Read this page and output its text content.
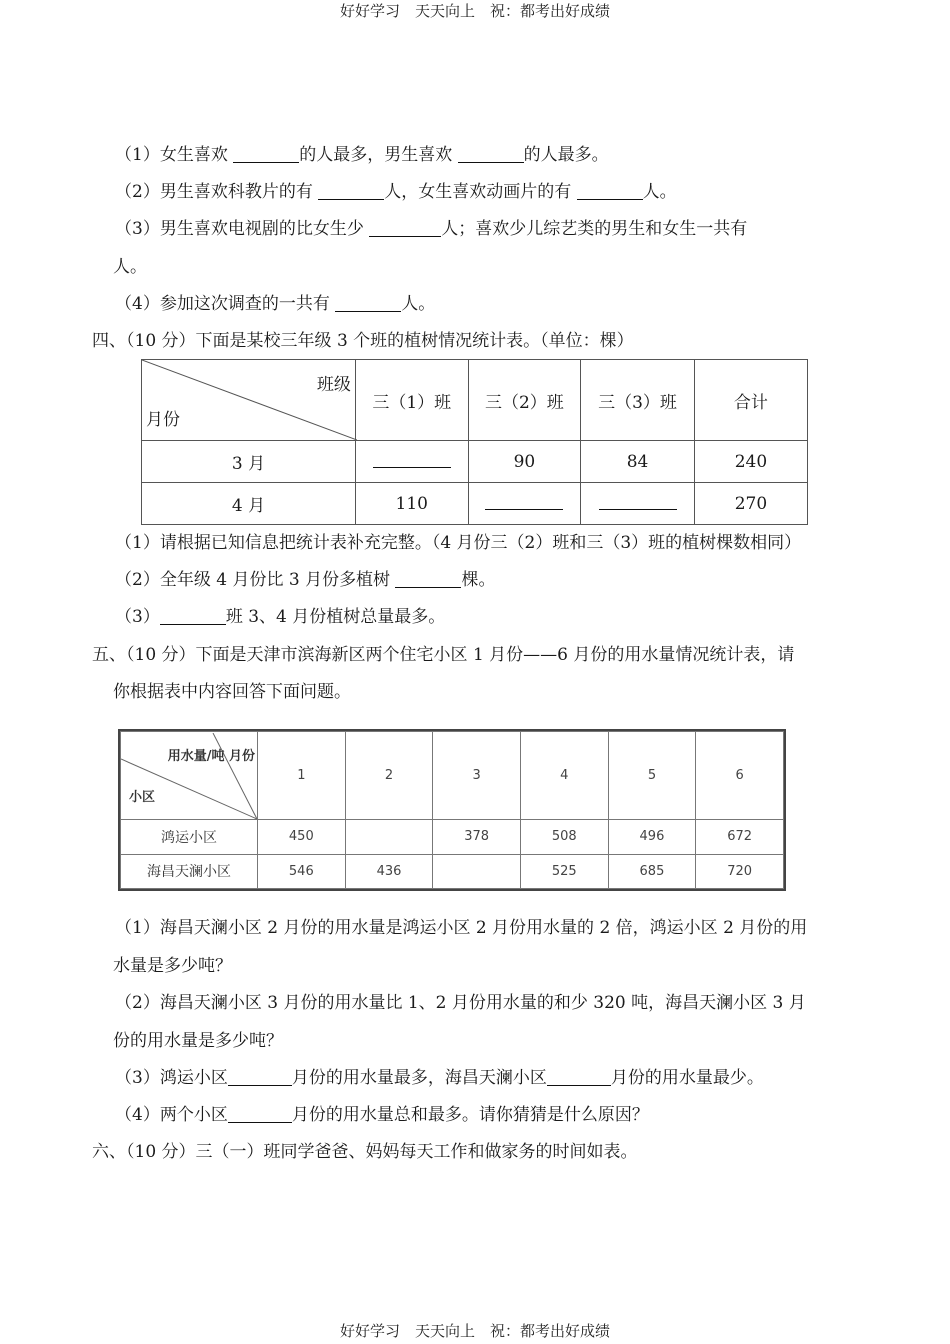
好好学习　天天向上　祝：都考出好成绩
（1）女生喜欢	的人最多，男生喜欢	的人最多。
（2）男生喜欢科教片的有	人，女生喜欢动画片的有	人。
（3）男生喜欢电视剧的比女生少	人；喜欢少儿综艺类的男生和女生一共有
人。
（4）参加这次调查的一共有	人。
四、（10 分）下面是某校三年级 3 个班的植树情况统计表。（单位：棵）
班级
月份	三（1）班	三（2）班	三（3）班	合计
3 月		90	84	240
4 月	110			270
（1）请根据已知信息把统计表补充完整。（4 月份三（2）班和三（3）班的植树棵数相同）
（2）全年级 4 月份比 3 月份多植树	棵。
（3）	班 3、4 月份植树总量最多。
五、（10 分）下面是天津市滨海新区两个住宅小区 1 月份——6 月份的用水量情况统计表，请
你根据表中内容回答下面问题。
用水量/吨 月份
小区	1	2	3	4	5	6
鸿运小区	450		378	508	496	672
海昌天澜小区	546	436		525	685	720
（1）海昌天澜小区 2 月份的用水量是鸿运小区 2 月份用水量的 2 倍，鸿运小区 2 月份的用
水量是多少吨？
（2）海昌天澜小区 3 月份的用水量比 1、2 月份用水量的和少 320 吨，海昌天澜小区 3 月
份的用水量是多少吨？
（3）鸿运小区	月份的用水量最多，海昌天澜小区	月份的用水量最少。
（4）两个小区	月份的用水量总和最多。请你猜猜是什么原因？
六、（10 分）三（一）班同学爸爸、妈妈每天工作和做家务的时间如表。
好好学习　天天向上　祝：都考出好成绩
